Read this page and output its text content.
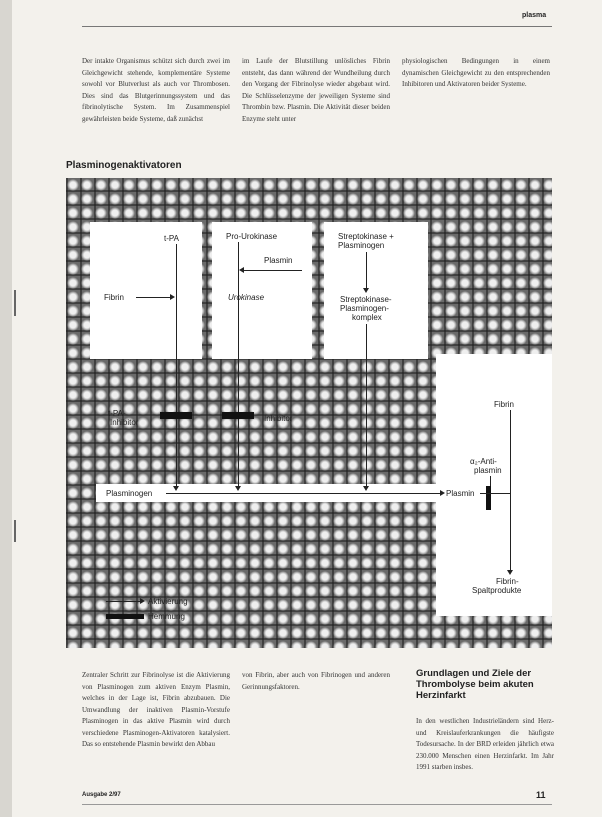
plasma

Der intakte Organismus schützt sich durch zwei im Gleichgewicht stehende, komplementäre Systeme sowohl vor Blutverlust als auch vor Thrombosen. Dies sind das Blutgerinnungssystem und das fibrinolytische System. Im Zusammenspiel gewährleisten beide Systeme, daß zunächst

im Laufe der Blutstillung unlösliches Fibrin entsteht, das dann während der Wundheilung durch den Vorgang der Fibrinolyse wieder abgebaut wird. Die Schlüsselenzyme der jeweiligen Systeme sind Thrombin bzw. Plasmin. Die Aktivität dieser beiden Enzyme steht unter

physiologischen Bedingungen in einem dynamischen Gleichgewicht zu den entsprechenden Inhibitoren und Aktivatoren beider Systeme.

Plasminogenaktivatoren
t-PA
Fibrin
Pro-Urokinase
Plasmin
Urokinase
Streptokinase +
Plasminogen
Streptokinase-
Plasminogen-
komplex
t-PA-
Inhibitor	Inhibitor
Fibrin
α₂-Anti-
plasmin
Fibrin-
Spaltprodukte
Plasminogen	Plasmin
Aktivierung
Hemmung

Zentraler Schritt zur Fibrinolyse ist die Aktivierung von Plasminogen zum aktiven Enzym Plasmin, welches in der Lage ist, Fibrin abzubauen. Die Umwandlung der inaktiven Plasmin-Vorstufe Plasminogen in das aktive Plasmin wird durch verschiedene Plasminogen-Aktivatoren katalysiert. Das so entstehende Plasmin bewirkt den Abbau

von Fibrin, aber auch von Fibrinogen und anderen Gerinnungsfaktoren.

Grundlagen und Ziele der Thrombolyse beim akuten Herzinfarkt

In den westlichen Industrieländern sind Herz- und Kreislauferkrankungen die häufigste Todesursache. In der BRD erleiden jährlich etwa 230.000 Menschen einen Herzinfarkt. Im Jahr 1991 starben insbes.

Ausgabe 2/97	11
